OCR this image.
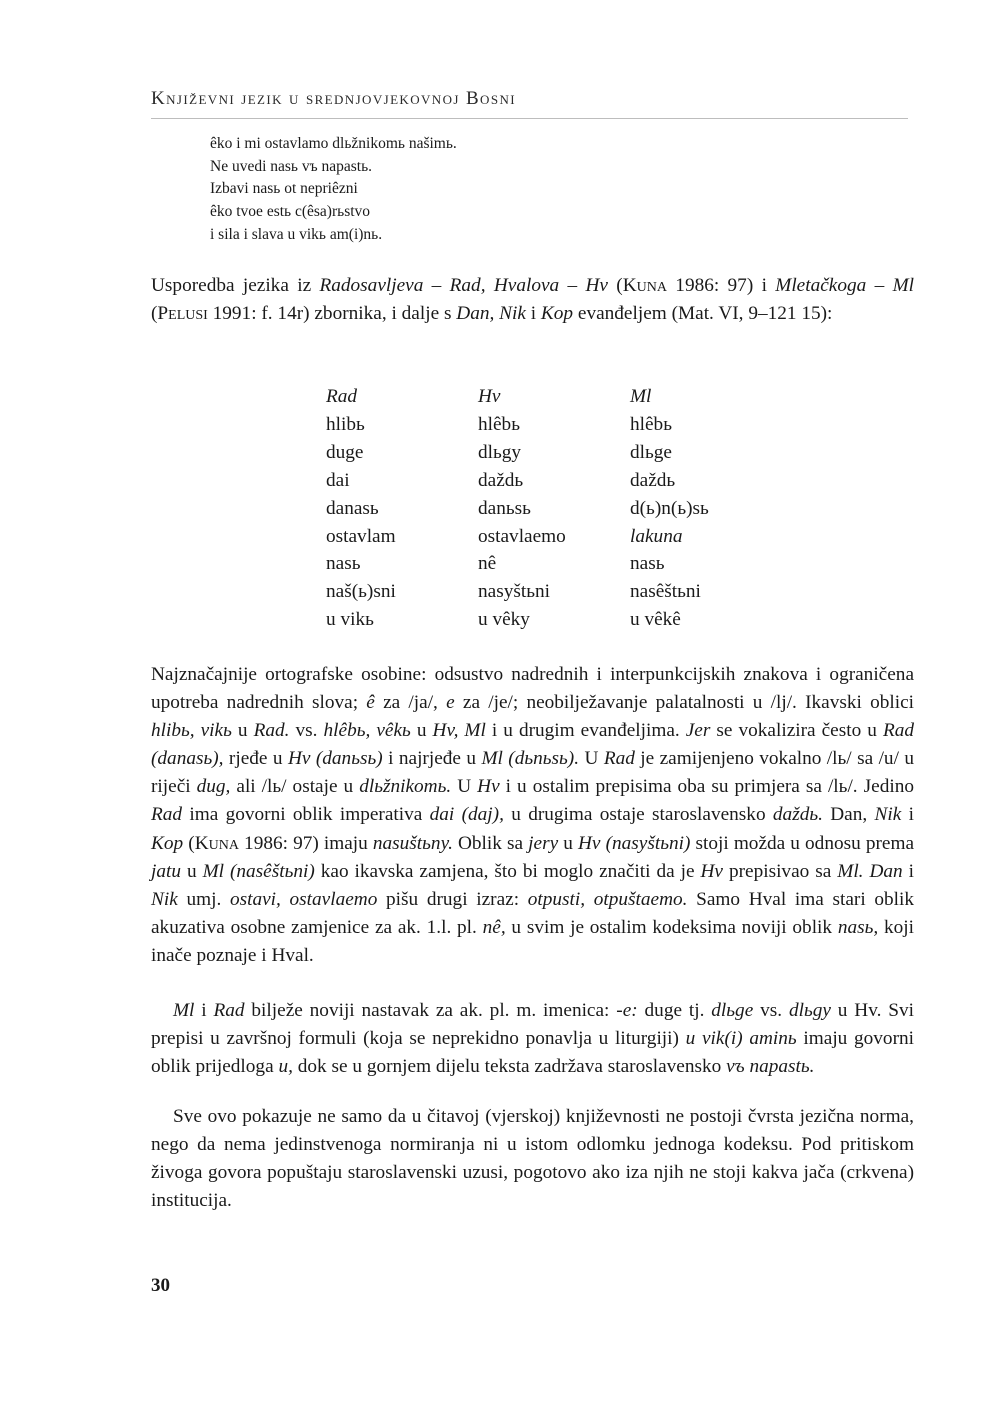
Književni jezik u srednjovjekovnoj Bosni
êko i mi ostavlamo dlьžnikomь našimь.
Ne uvedi nasь vъ napastь.
Izbavi nasь ot nepriêzni
êko tvoe estь c(êsa)rьstvo
i sila i slava u vikь am(i)nь.

Usporedba jezika iz Radosavljeva – Rad, Hvalova – Hv (Kuna 1986: 97) i Mletačkoga – Ml (Pelusi 1991: f. 14r) zbornika, i dalje s Dan, Nik i Kop evanđeljem (Mat. VI, 9–121 15):

Rad	Hv	Ml
hlibь	hlêbь	hlêbь
duge	dlьgy	dlьge
dai	daždь	daždь
danasь	danьsь	d(ь)n(ь)sь
ostavlam	ostavlaemo	lakuna
nasь	nê	nasь
naš(ь)sni	nasyštьni	nasêštьni
u vikь	u vêky	u vêkê

Najznačajnije ortografske osobine: odsustvo nadrednih i interpunkcijskih znakova i ograničena upotreba nadrednih slova; ê za /ja/, e za /je/; neobilježavanje palatalnosti u /lj/. Ikavski oblici hlibь, vikь u Rad. vs. hlêbь, vêkь u Hv, Ml i u drugim evanđeljima. Jer se vokalizira često u Rad (danasь), rjeđe u Hv (danьsь) i najrjeđe u Ml (dьnьsь). U Rad je zamijenjeno vokalno /lь/ sa /u/ u riječi dug, ali /lь/ ostaje u dlьžnikomь. U Hv i u ostalim prepisima oba su primjera sa /lь/. Jedino Rad ima govorni oblik imperativa dai (daj), u drugima ostaje staroslavensko daždь. Dan, Nik i Kop (Kuna 1986: 97) imaju nasuštьny. Oblik sa jery u Hv (nasyštьni) stoji možda u odnosu prema jatu u Ml (nasêštьni) kao ikavska zamjena, što bi moglo značiti da je Hv prepisivao sa Ml. Dan i Nik umj. ostavi, ostavlaemo pišu drugi izraz: otpusti, otpuštaemo. Samo Hval ima stari oblik akuzativa osobne zamjenice za ak. 1.l. pl. nê, u svim je ostalim kodeksima noviji oblik nasь, koji inače poznaje i Hval.

Ml i Rad bilježe noviji nastavak za ak. pl. m. imenica: -e: duge tj. dlьge vs. dlьgy u Hv. Svi prepisi u završnoj formuli (koja se neprekidno ponavlja u liturgiji) u vik(i) aminь imaju govorni oblik prijedloga u, dok se u gornjem dijelu teksta zadržava staroslavensko vъ napastь.

Sve ovo pokazuje ne samo da u čitavoj (vjerskoj) književnosti ne postoji čvrsta jezična norma, nego da nema jedinstvenoga normiranja ni u istom odlomku jednoga kodeksu. Pod pritiskom živoga govora popuštaju staroslavenski uzusi, pogotovo ako iza njih ne stoji kakva jača (crkvena) institucija.

30
